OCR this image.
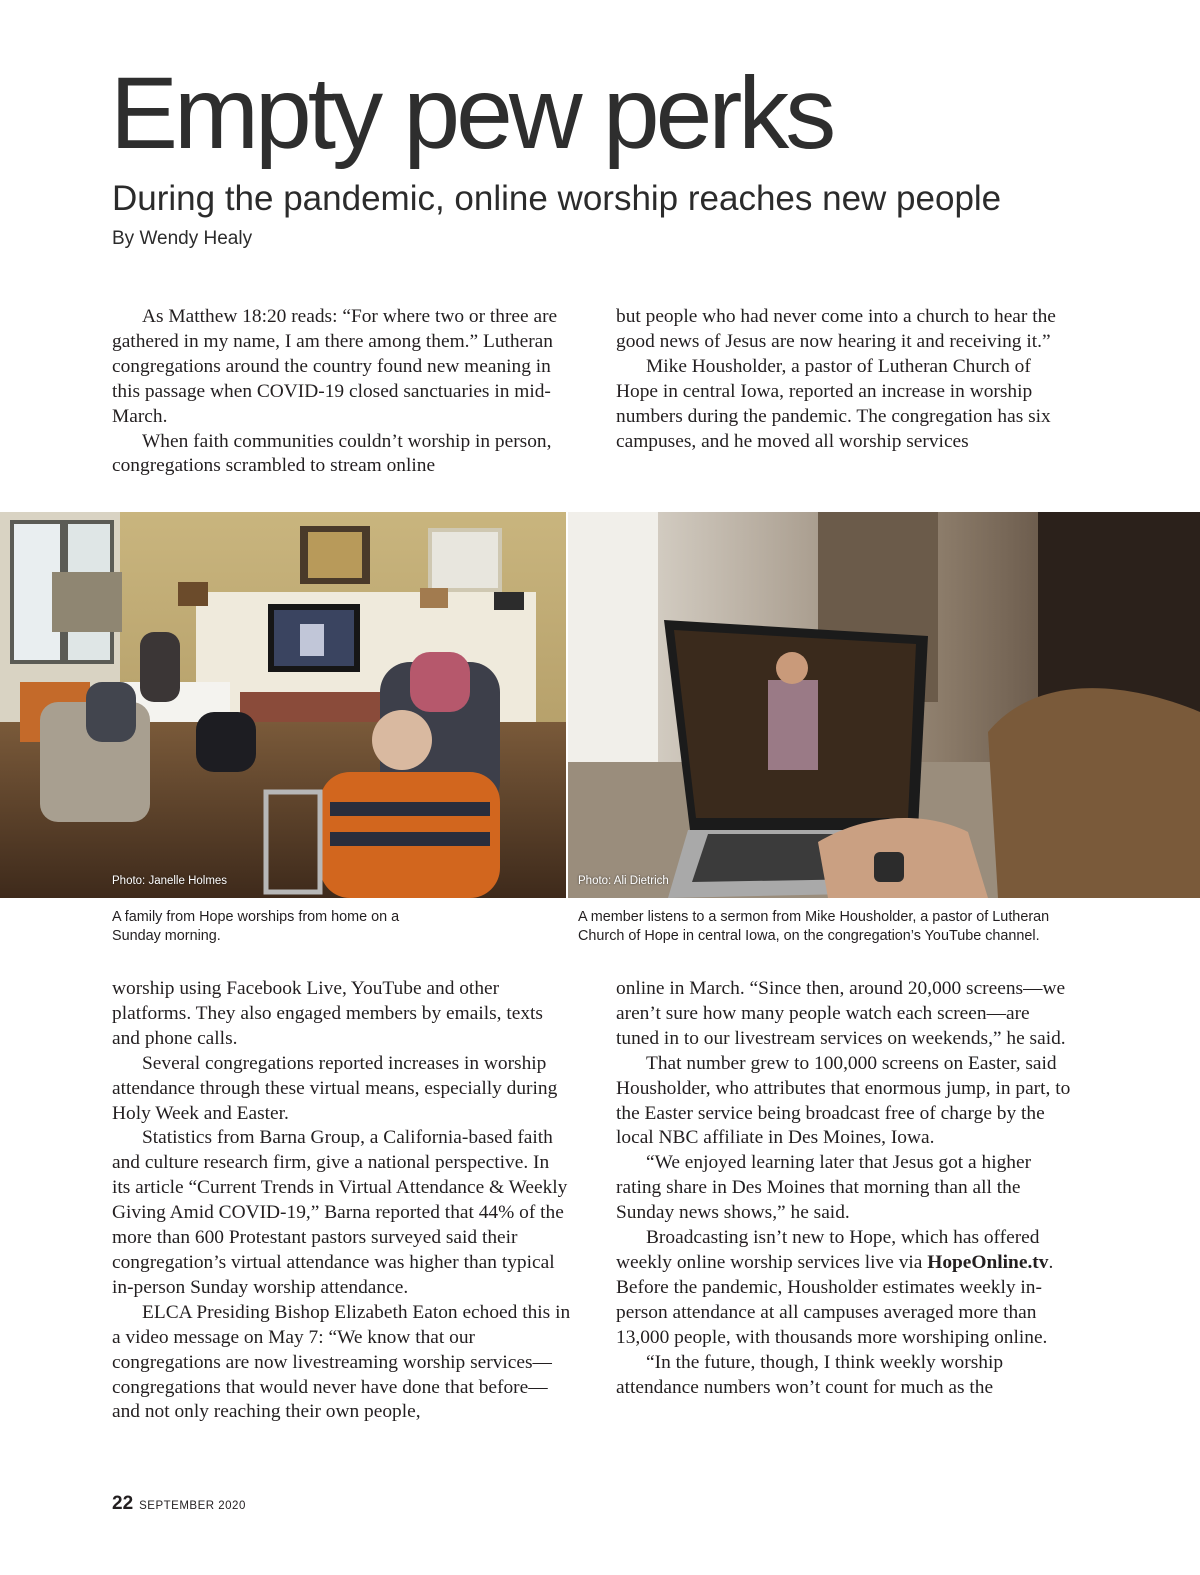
Empty pew perks
During the pandemic, online worship reaches new people
By Wendy Healy

As Matthew 18:20 reads: “For where two or three are gathered in my name, I am there among them.” Lutheran congregations around the country found new meaning in this passage when COVID-19 closed sanctuaries in mid-March.

When faith communities couldn’t worship in person, congregations scrambled to stream online

but people who had never come into a church to hear the good news of Jesus are now hearing it and receiving it.”

Mike Housholder, a pastor of Lutheran Church of Hope in central Iowa, reported an increase in worship numbers during the pandemic. The congregation has six campuses, and he moved all worship services

Photo: Janelle Holmes	Photo: Ali Dietrich
A family from Hope worships from home on a Sunday morning.
A member listens to a sermon from Mike Housholder, a pastor of Lutheran Church of Hope in central Iowa, on the congregation’s YouTube channel.

worship using Facebook Live, YouTube and other platforms. They also engaged members by emails, texts and phone calls.

Several congregations reported increases in worship attendance through these virtual means, especially during Holy Week and Easter.

Statistics from Barna Group, a California-based faith and culture research firm, give a national perspective. In its article “Current Trends in Virtual Attendance & Weekly Giving Amid COVID-19,” Barna reported that 44% of the more than 600 Protestant pastors surveyed said their congregation’s virtual attendance was higher than typical in-person Sunday worship attendance.

ELCA Presiding Bishop Elizabeth Eaton echoed this in a video message on May 7: “We know that our congregations are now livestreaming worship services—congregations that would never have done that before—and not only reaching their own people,

online in March. “Since then, around 20,000 screens—we aren’t sure how many people watch each screen—are tuned in to our livestream services on weekends,” he said.

That number grew to 100,000 screens on Easter, said Housholder, who attributes that enormous jump, in part, to the Easter service being broadcast free of charge by the local NBC affiliate in Des Moines, Iowa.

“We enjoyed learning later that Jesus got a higher rating share in Des Moines that morning than all the Sunday news shows,” he said.

Broadcasting isn’t new to Hope, which has offered weekly online worship services live via HopeOnline.tv. Before the pandemic, Housholder estimates weekly in-person attendance at all campuses averaged more than 13,000 people, with thousands more worshiping online.

“In the future, though, I think weekly worship attendance numbers won’t count for much as the

22 SEPTEMBER 2020
